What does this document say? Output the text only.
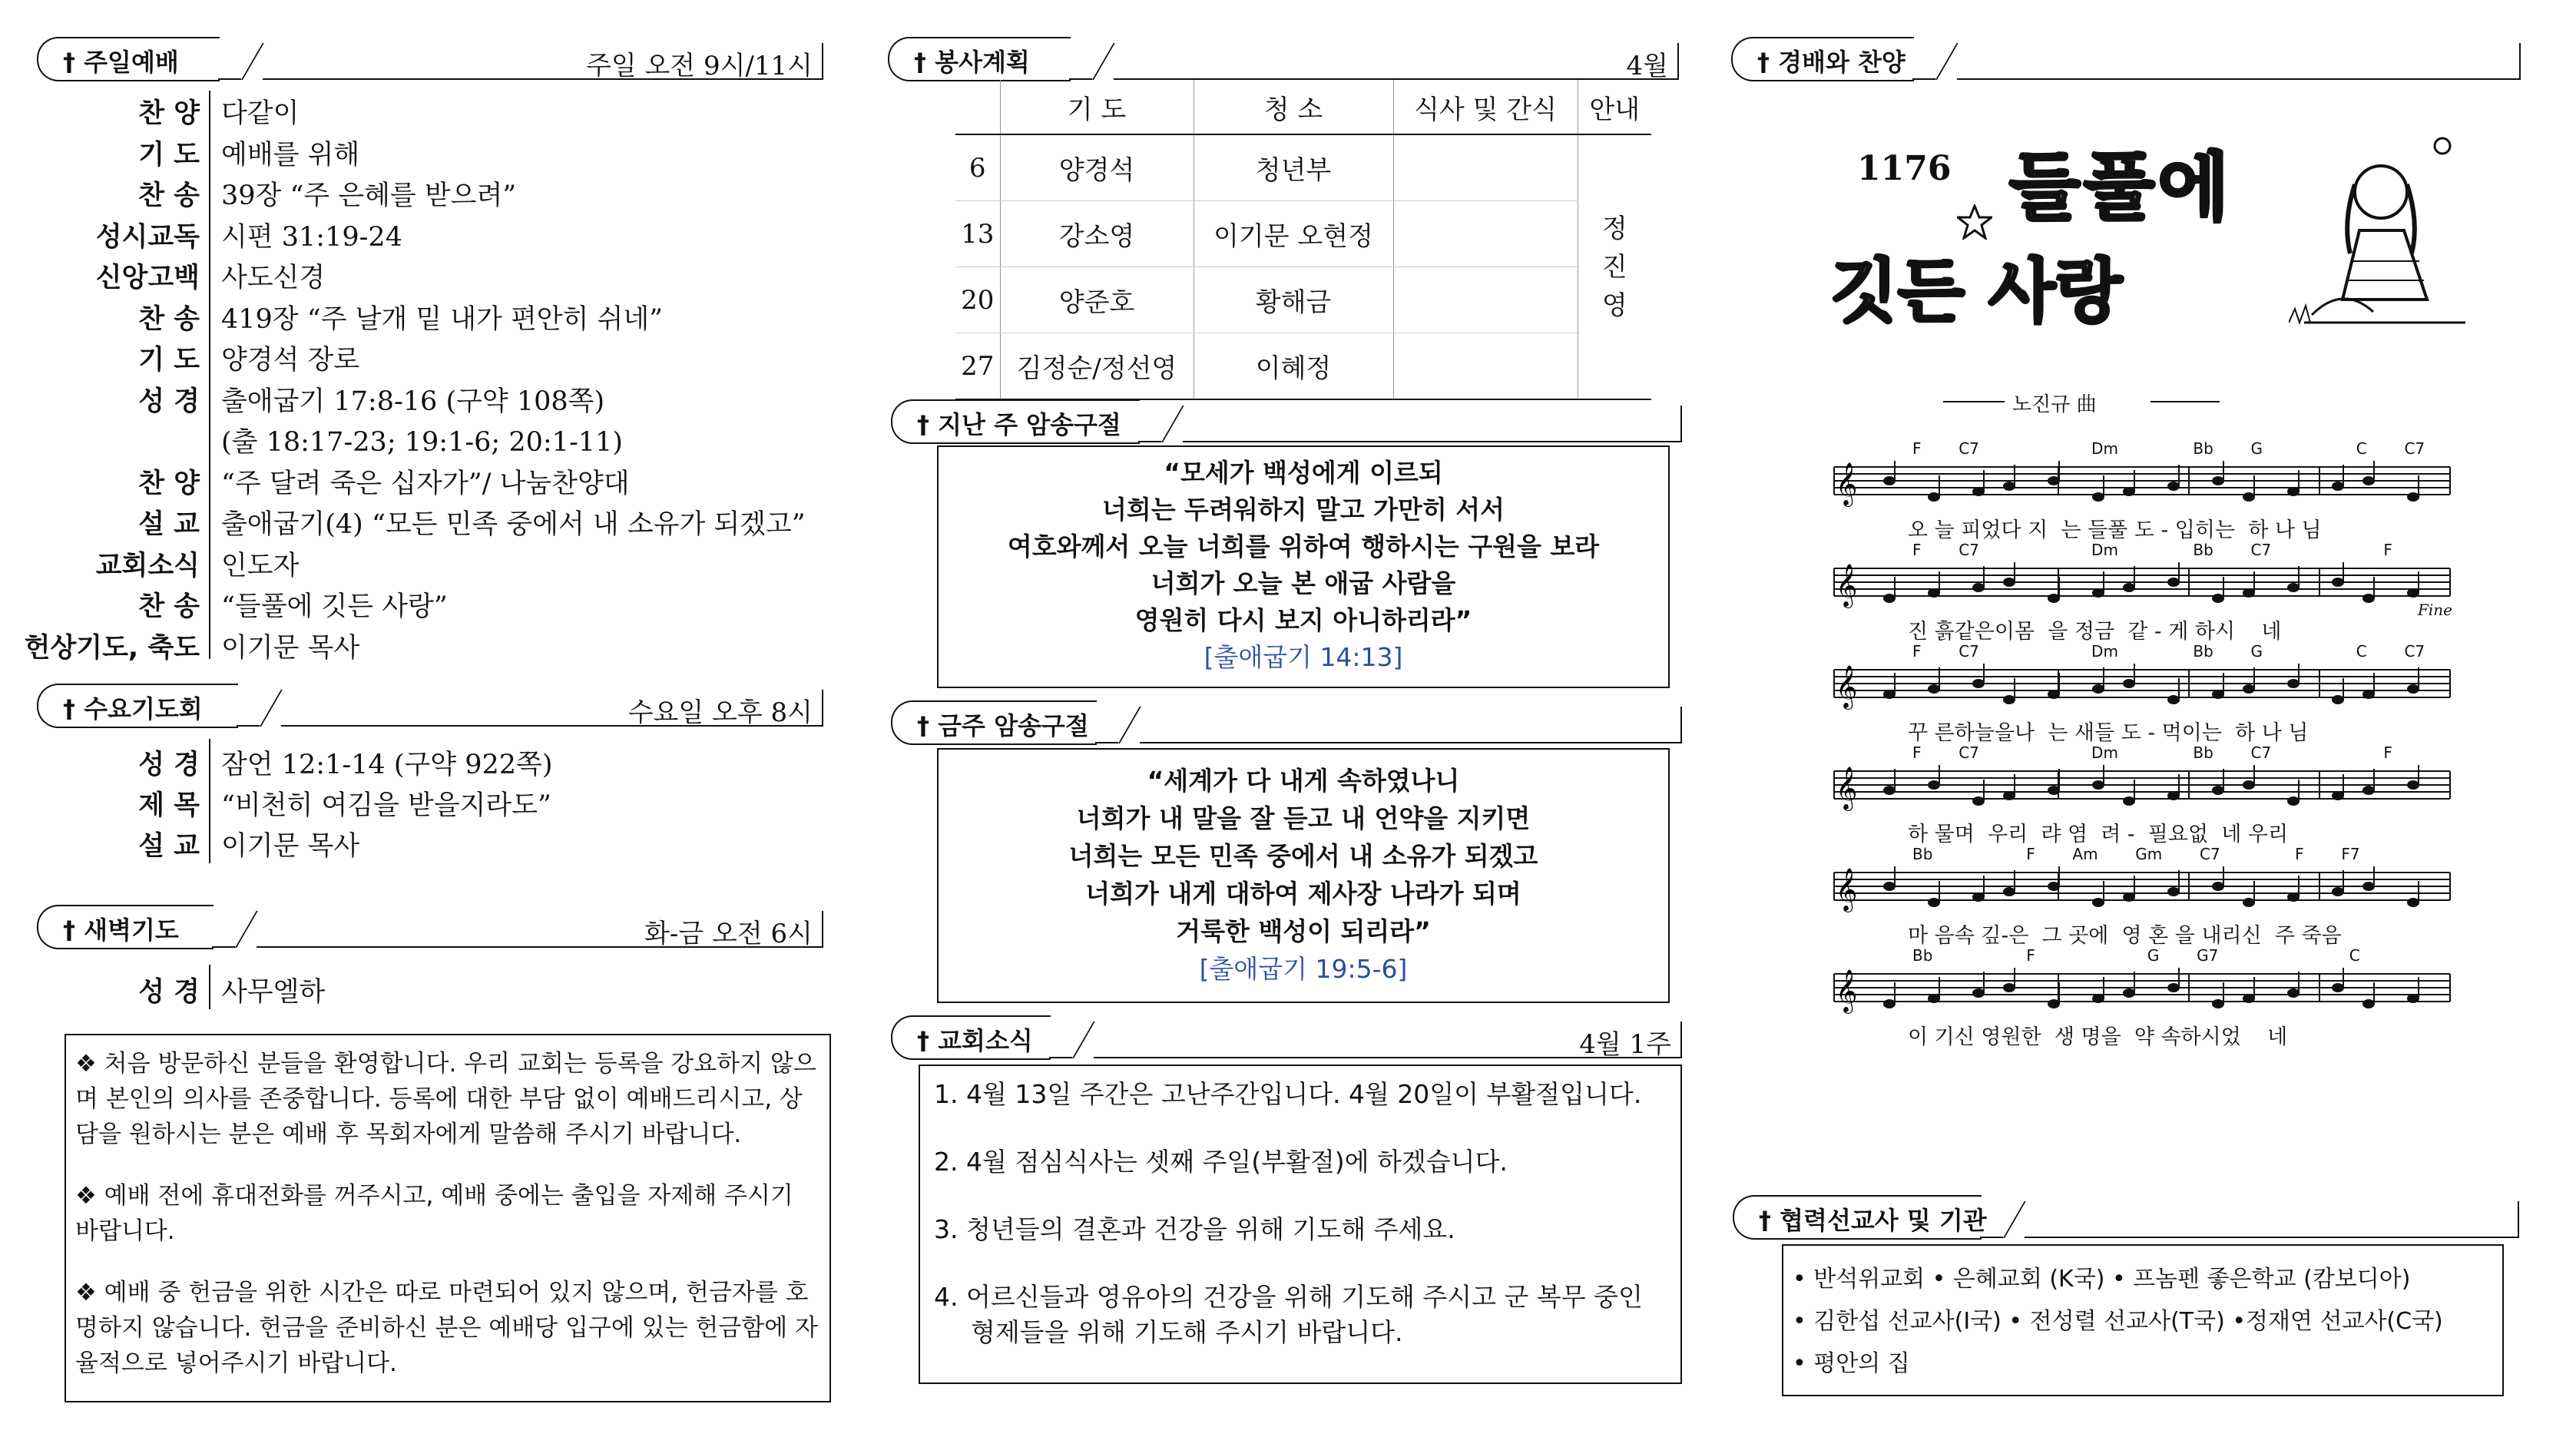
† 주일예배	주일 오전 9시/11시
찬 양 다같이
기 도 예배를 위해
찬 송 39장 “주 은혜를 받으려”
성시교독 시편 31:19-24
신앙고백 사도신경
찬 송 419장 “주 날개 밑 내가 편안히 쉬네”
기 도 양경석 장로
성 경 출애굽기 17:8-16 (구약 108쪽)
(출 18:17-23; 19:1-6; 20:1-11)
찬 양 “주 달려 죽은 십자가”/ 나눔찬양대
설 교 출애굽기(4) “모든 민족 중에서 내 소유가 되겠고”
교회소식 인도자
찬 송 “들풀에 깃든 사랑”
헌상기도, 축도 이기문 목사
† 수요기도회	수요일 오후 8시
성 경 잠언 12:1-14 (구약 922쪽)
제 목 “비천히 여김을 받을지라도”
설 교 이기문 목사
† 새벽기도	화-금 오전 6시
성 경 사무엘하

❖ 처음 방문하신 분들을 환영합니다. 우리 교회는 등록을 강요하지 않으며 본인의 의사를 존중합니다. 등록에 대한 부담 없이 예배드리시고, 상담을 원하시는 분은 예배 후 목회자에게 말씀해 주시기 바랍니다.

❖ 예배 전에 휴대전화를 꺼주시고, 예배 중에는 출입을 자제해 주시기 바랍니다.

❖ 예배 중 헌금을 위한 시간은 따로 마련되어 있지 않으며, 헌금자를 호명하지 않습니다. 헌금을 준비하신 분은 예배당 입구에 있는 헌금함에 자율적으로 넣어주시기 바랍니다.

† 봉사계획	4월
	기 도	청 소	식사 및 간식	안내
6	양경석	청년부		정
진
영

13	강소영	이기문 오현정		
20	양준호	황해금		
27	김정순/정선영	이혜정		
† 지난 주 암송구절
“모세가 백성에게 이르되
너희는 두려워하지 말고 가만히 서서
여호와께서 오늘 너희를 위하여 행하시는 구원을 보라
너희가 오늘 본 애굽 사람을
영원히 다시 보지 아니하리라”
[출애굽기 14:13]
† 금주 암송구절
“세계가 다 내게 속하였나니
너희가 내 말을 잘 듣고 내 언약을 지키면
너희는 모든 민족 중에서 내 소유가 되겠고
너희가 내게 대하여 제사장 나라가 되며
거룩한 백성이 되리라”
[출애굽기 19:5-6]
† 교회소식	4월 1주
1. 4월 13일 주간은 고난주간입니다. 4월 20일이 부활절입니다.
2. 4월 점심식사는 셋째 주일(부활절)에 하겠습니다.
3. 청년들의 결혼과 건강을 위해 기도해 주세요.
4. 어르신들과 영유아의 건강을 위해 기도해 주시고 군 복무 중인 형제들을 위해 기도해 주시기 바랍니다.
† 경배와 찬양
1176 들풀에
깃든 사랑
노진규 曲
F  C7      Dm    Bb  G     C  C7
𝄞
오 늘 피었다 지  는 들풀 도 - 입히는  하 나 님
F  C7      Dm    Bb  C7      F
𝄞
진 흙같은이몸  을 정금  같 - 게 하시    네
Fine
F  C7      Dm    Bb  G     C  C7
𝄞
꾸 른하늘을나  는 새들 도 - 먹이는  하 나 님
F  C7      Dm    Bb  C7      F
𝄞
하 물며  우리  랴 염  려 -  필요없  네 우리
Bb     F  Am  Gm  C7    F  F7
𝄞
마 음속 깊-은  그 곳에  영 혼 을 내리신  주 죽음
Bb     F      G  G7       C
𝄞
이 기신 영원한  생 명을  약 속하시었    네
† 협력선교사 및 기관
• 반석위교회 • 은혜교회 (K국) • 프놈펜 좋은학교 (캄보디아)
• 김한섭 선교사(I국) • 전성렬 선교사(T국) •정재연 선교사(C국)
• 평안의 집
